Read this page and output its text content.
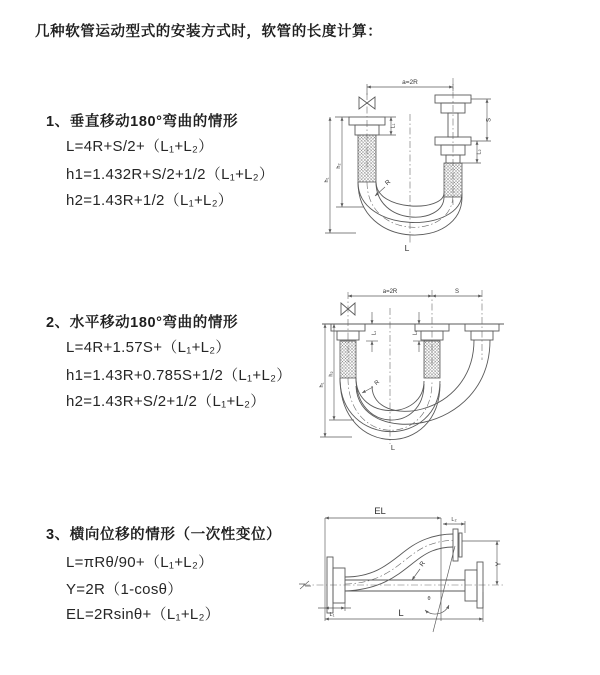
几种软管运动型式的安装方式时，软管的长度计算：
1、垂直移动180°弯曲的情形
L=4R+S/2+（L₁+L₂）
h1=1.432R+S/2+1/2（L₁+L₂）
h2=1.43R+1/2（L₁+L₂）
2、水平移动180°弯曲的情形
L=4R+1.57S+（L₁+L₂）
h1=1.43R+0.785S+1/2（L₁+L₂）
h2=1.43R+S/2+1/2（L₁+L₂）
3、横向位移的情形（一次性变位）
L=πRθ/90+（L₁+L₂）
Y=2R（1-cosθ）
EL=2Rsinθ+（L₁+L₂）
a=2R
L₁
S
L₂
h₁
h₂
R
L
a=2R	S
L₁	L₂
h₁
h₂
R
L
EL
L₂
θ
R	Y
L
L₁
